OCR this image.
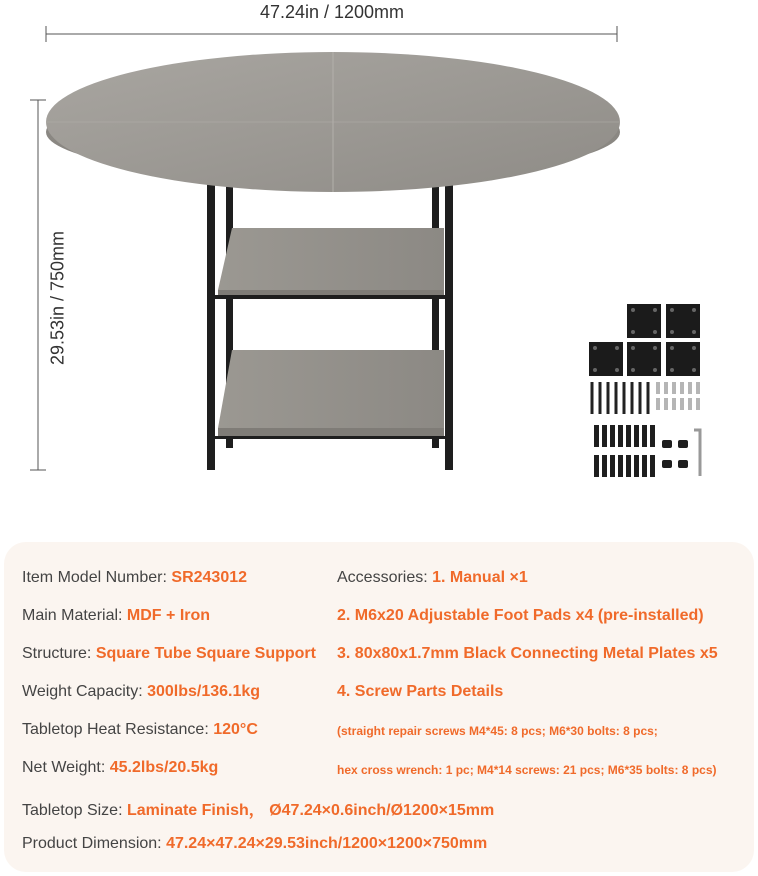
47.24in / 1200mm
29.53in / 750mm
Item Model Number: SR243012
Main Material: MDF + Iron
Structure: Square Tube Square Support
Weight Capacity: 300lbs/136.1kg
Tabletop Heat Resistance: 120°C
Net Weight: 45.2lbs/20.5kg
Tabletop Size: Laminate Finish， Ø47.24×0.6inch/Ø1200×15mm
Product Dimension: 47.24×47.24×29.53inch/1200×1200×750mm
Accessories: 1. Manual ×1
2. M6x20 Adjustable Foot Pads x4 (pre-installed)
3. 80x80x1.7mm Black Connecting Metal Plates x5
4. Screw Parts Details
(straight repair screws M4*45: 8 pcs; M6*30 bolts: 8 pcs;
hex cross wrench: 1 pc; M4*14 screws: 21 pcs; M6*35 bolts: 8 pcs)
